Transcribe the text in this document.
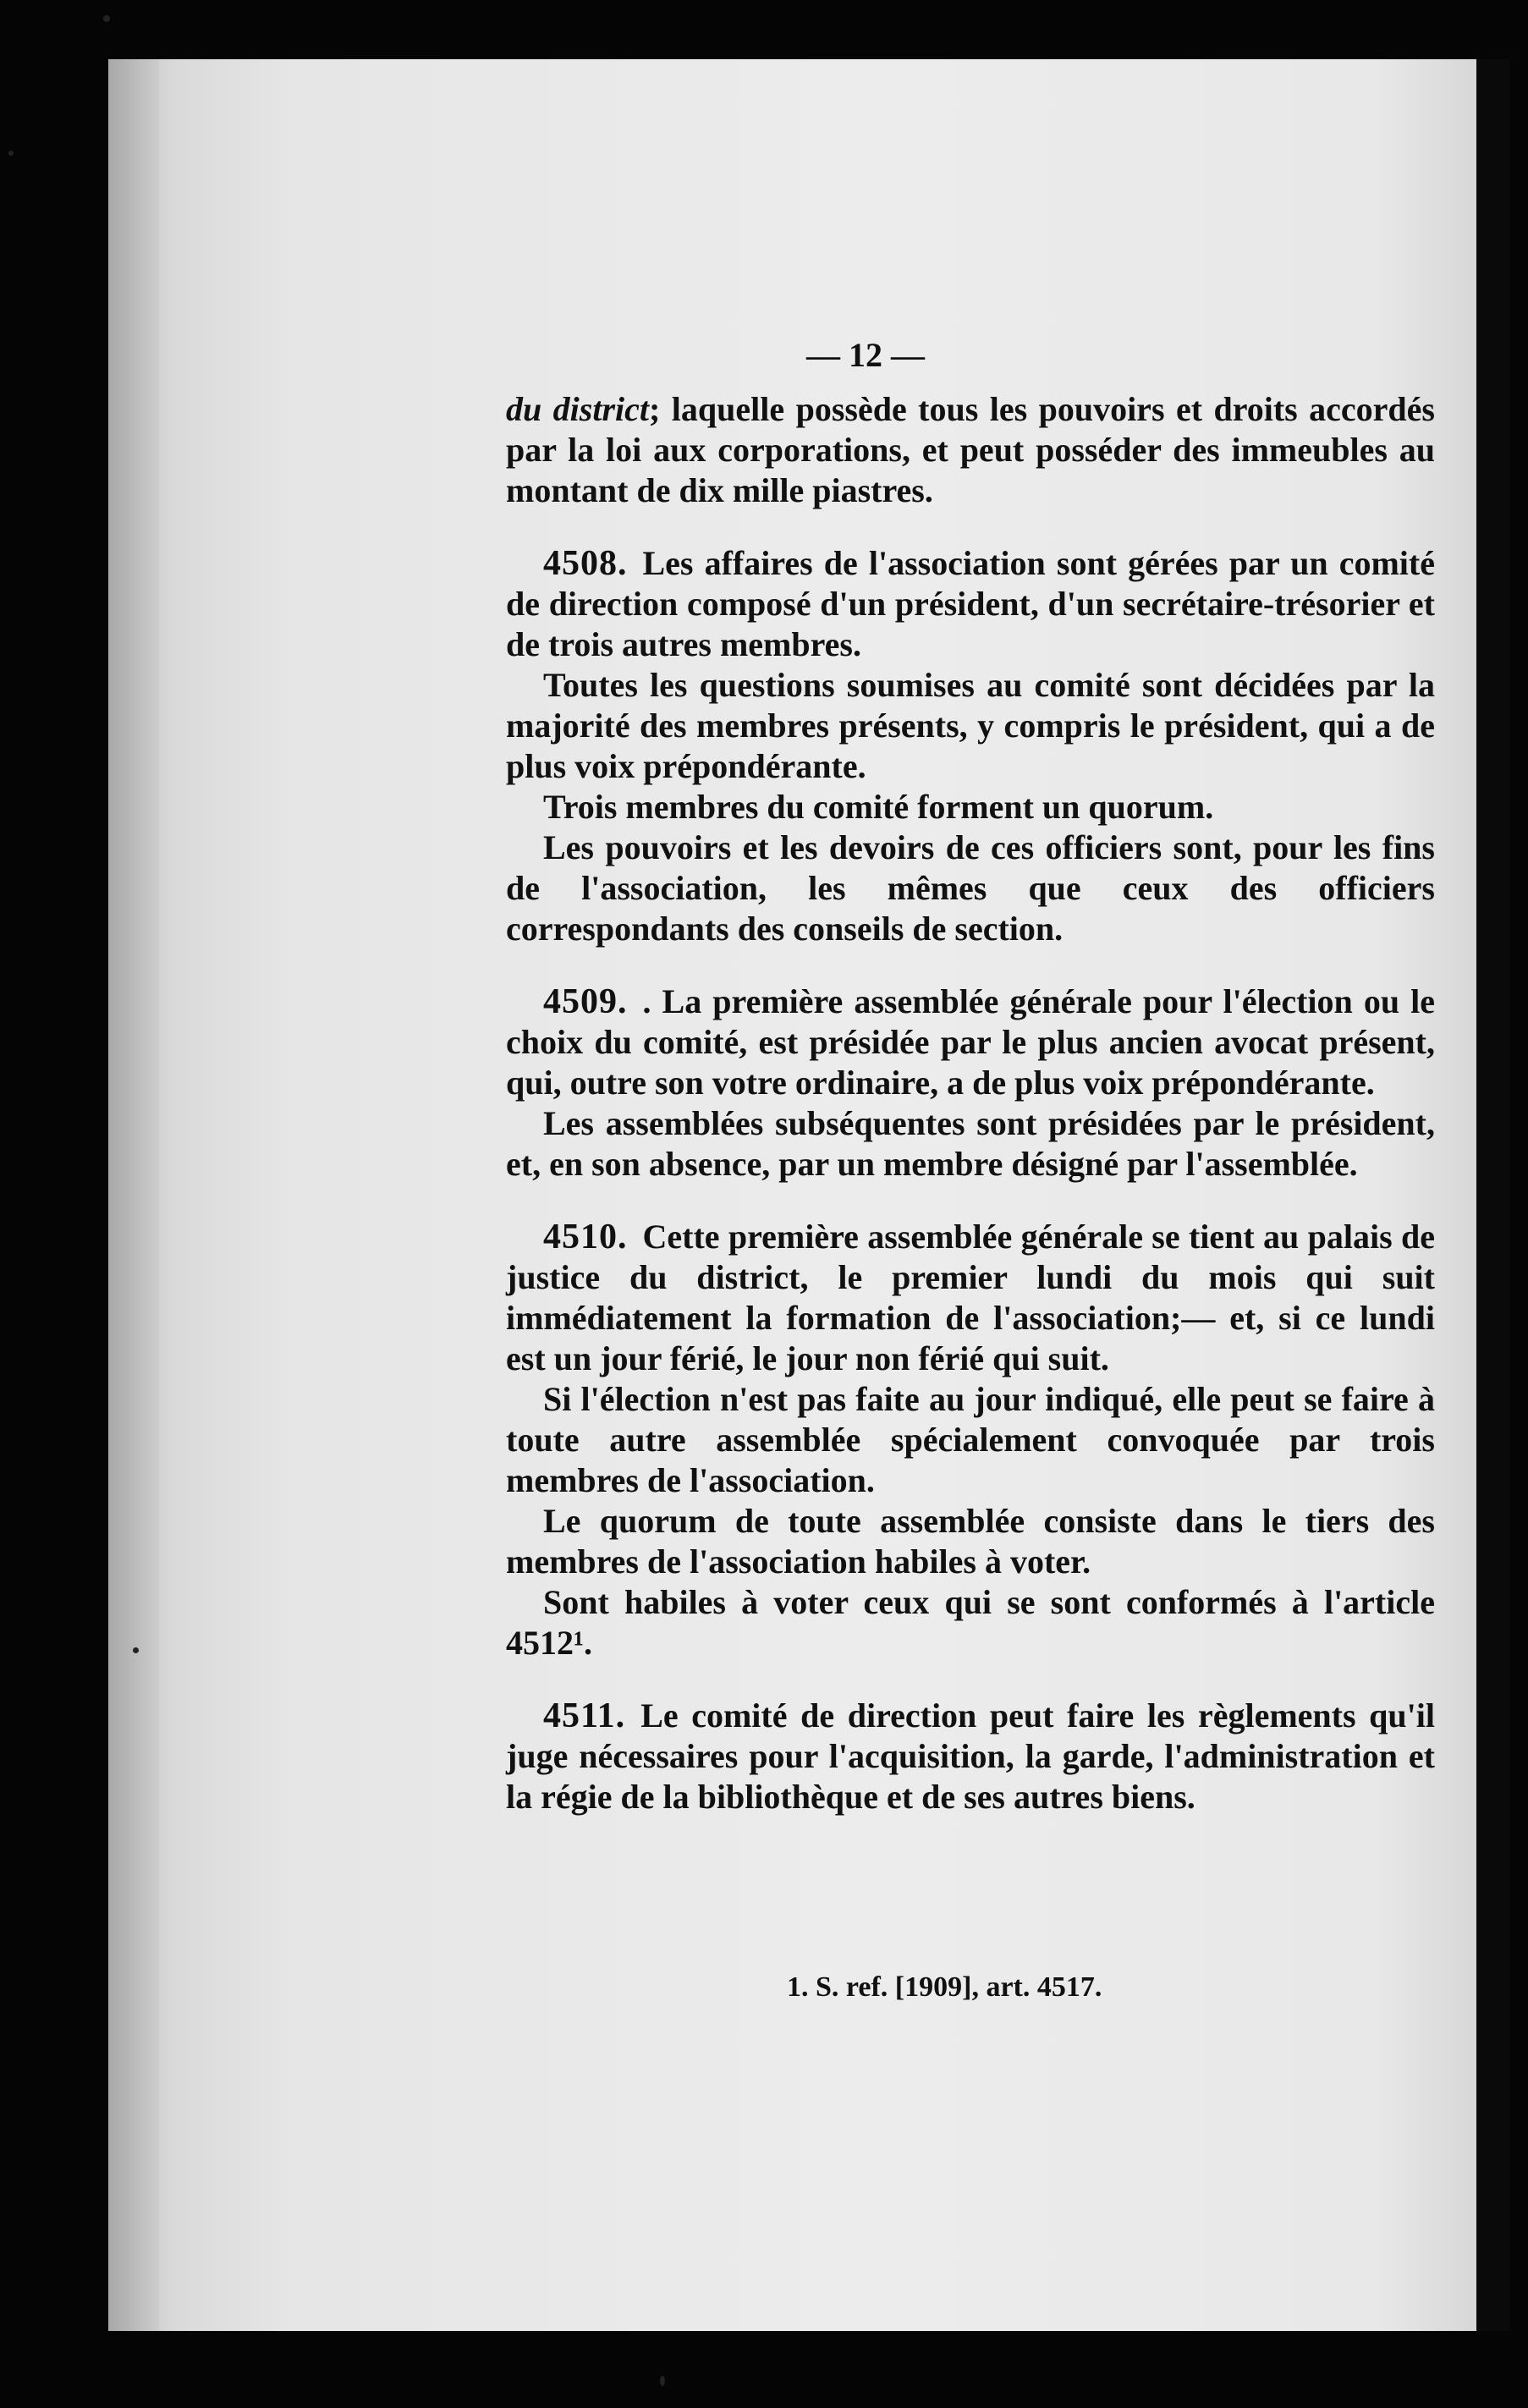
— 12 —

du district; laquelle possède tous les pouvoirs et droits accordés par la loi aux corporations, et peut posséder des immeubles au montant de dix mille piastres.

4508. Les affaires de l'association sont gérées par un comité de direction composé d'un président, d'un secrétaire-trésorier et de trois autres membres.

Toutes les questions soumises au comité sont décidées par la majorité des membres présents, y compris le président, qui a de plus voix prépondérante.

Trois membres du comité forment un quorum.

Les pouvoirs et les devoirs de ces officiers sont, pour les fins de l'association, les mêmes que ceux des officiers correspondants des conseils de section.

4509. . La première assemblée générale pour l'élection ou le choix du comité, est présidée par le plus ancien avocat présent, qui, outre son votre ordinaire, a de plus voix prépondérante.

Les assemblées subséquentes sont présidées par le président, et, en son absence, par un membre désigné par l'assemblée.

4510. Cette première assemblée générale se tient au palais de justice du district, le premier lundi du mois qui suit immédiatement la formation de l'association;— et, si ce lundi est un jour férié, le jour non férié qui suit.

Si l'élection n'est pas faite au jour indiqué, elle peut se faire à toute autre assemblée spécialement convoquée par trois membres de l'association.

Le quorum de toute assemblée consiste dans le tiers des membres de l'association habiles à voter.

Sont habiles à voter ceux qui se sont conformés à l'article 4512¹.

4511. Le comité de direction peut faire les règlements qu'il juge nécessaires pour l'acquisition, la garde, l'administration et la régie de la bibliothèque et de ses autres biens.

1. S. ref. [1909], art. 4517.
